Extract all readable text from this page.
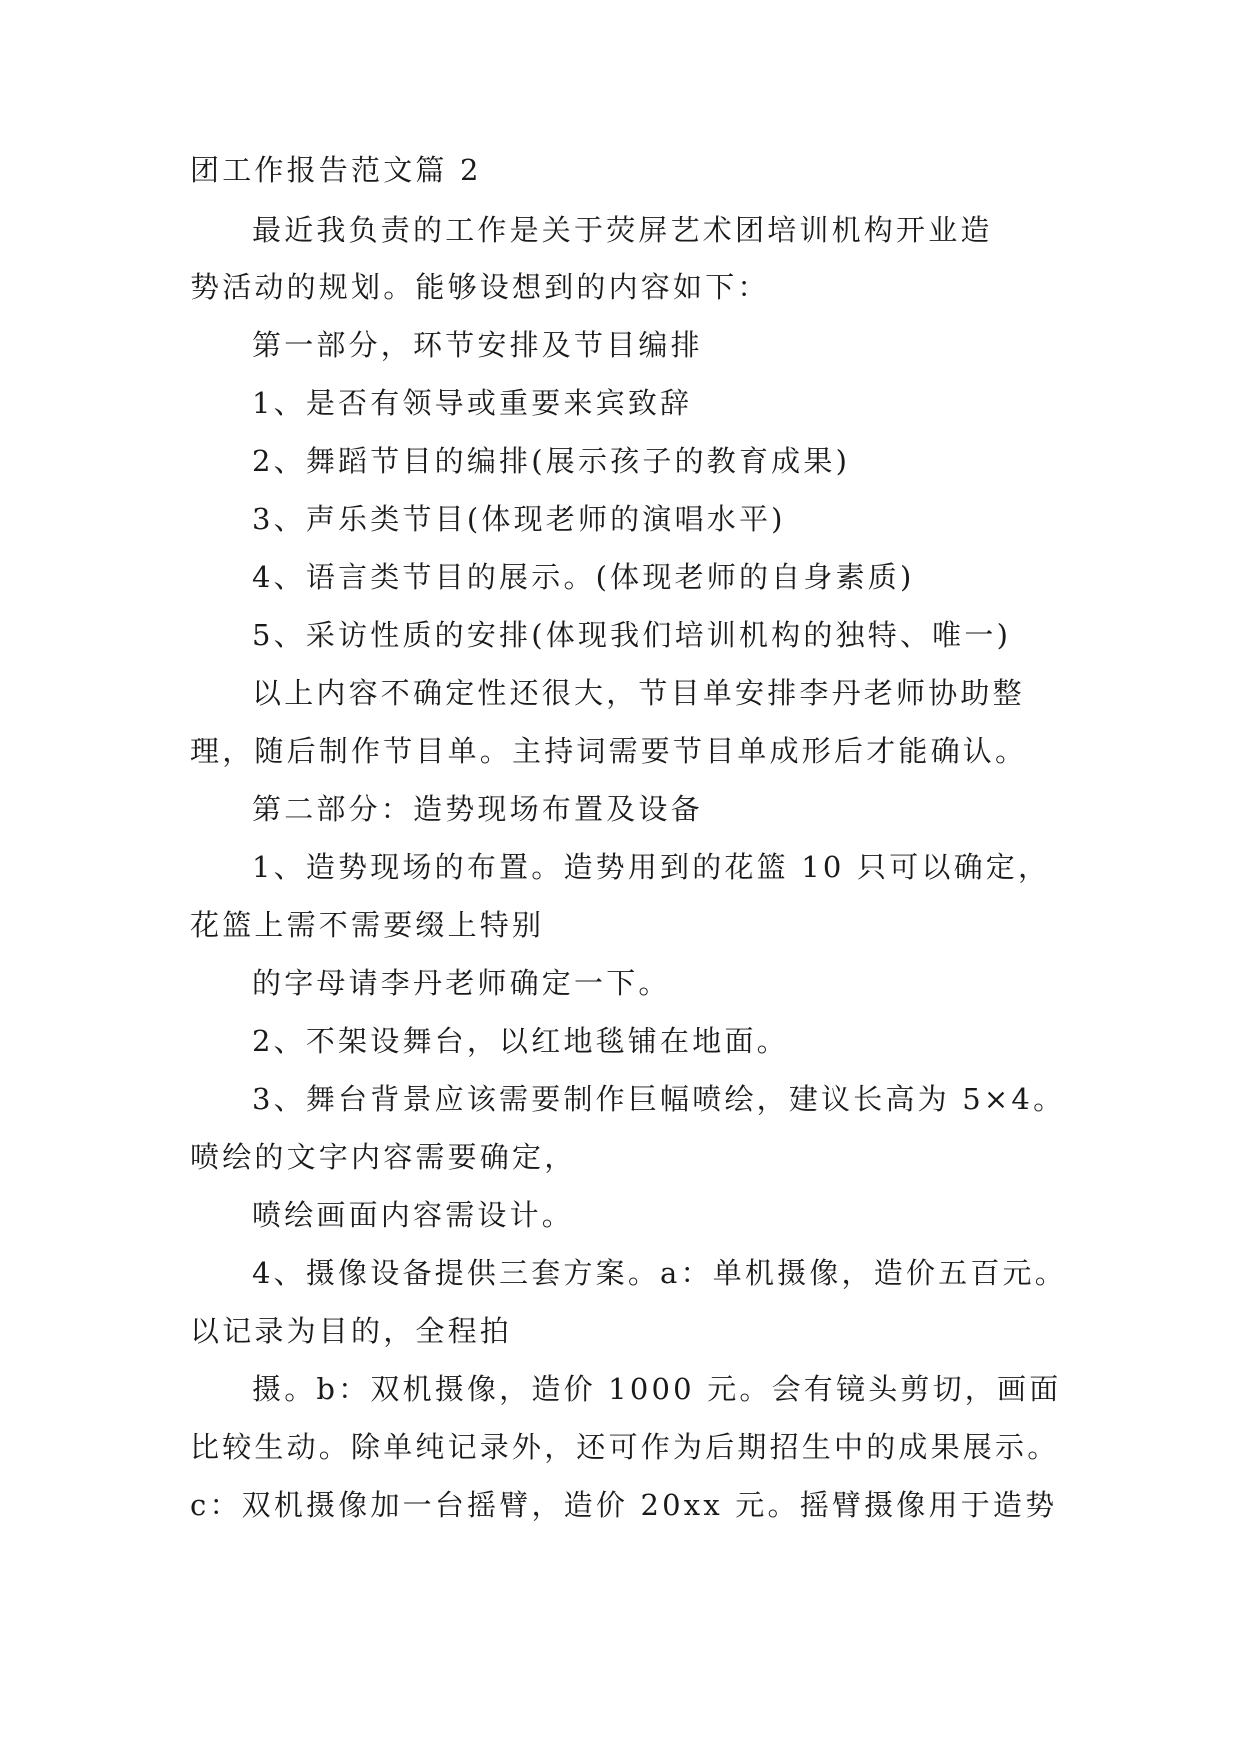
团工作报告范文篇 2
最近我负责的工作是关于荧屏艺术团培训机构开业造
势活动的规划。能够设想到的内容如下：
第一部分，环节安排及节目编排
1、是否有领导或重要来宾致辞
2、舞蹈节目的编排(展示孩子的教育成果)
3、声乐类节目(体现老师的演唱水平)
4、语言类节目的展示。(体现老师的自身素质)
5、采访性质的安排(体现我们培训机构的独特、唯一)
以上内容不确定性还很大，节目单安排李丹老师协助整
理，随后制作节目单。主持词需要节目单成形后才能确认。
第二部分：造势现场布置及设备
1、造势现场的布置。造势用到的花篮 10 只可以确定，
花篮上需不需要缀上特别
的字母请李丹老师确定一下。
2、不架设舞台，以红地毯铺在地面。
3、舞台背景应该需要制作巨幅喷绘，建议长高为 5×4。
喷绘的文字内容需要确定，
喷绘画面内容需设计。
4、摄像设备提供三套方案。a：单机摄像，造价五百元。
以记录为目的，全程拍
摄。b：双机摄像，造价 1000 元。会有镜头剪切，画面
比较生动。除单纯记录外，还可作为后期招生中的成果展示。
c：双机摄像加一台摇臂，造价 20xx 元。摇臂摄像用于造势
